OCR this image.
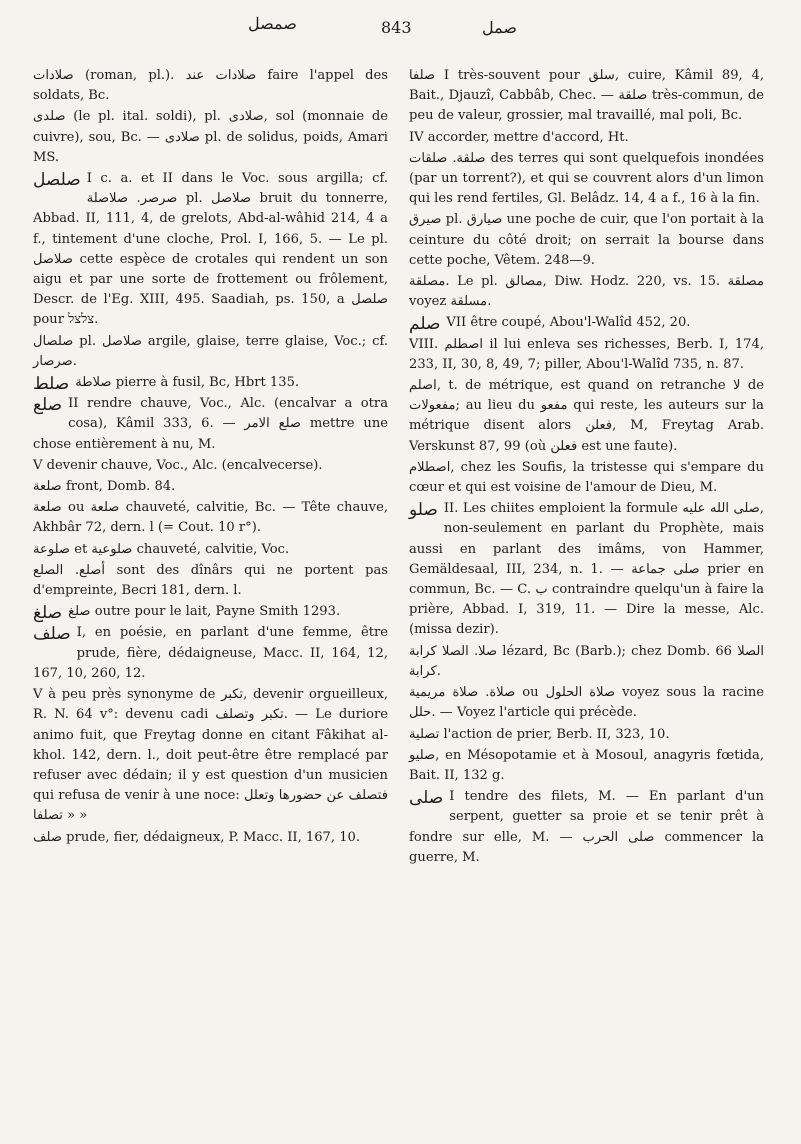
صمصل	843	صمل

صلادات (roman, pl.). صلادات عند faire l'appel des soldats, Bc.

صلدى (le pl. ital. soldi), pl. صلادى, sol (monnaie de cuivre), sou, Bc. — صلادى pl. de solidus, poids, Amari MS.

صلصل I c. a. et II dans le Voc. sous argilla; cf. صرصر. صلاصلة pl. صلاصل bruit du tonnerre, Abbad. II, 111, 4, de grelots, Abd-al-wâhid 214, 4 a f., tintement d'une cloche, Prol. I, 166, 5. — Le pl. صلاصل cette espèce de crotales qui rendent un son aigu et par une sorte de frottement ou frôlement, Descr. de l'Eg. XIII, 495. Saadiah, ps. 150, a صلصل pour צלצל.

صلصال pl. صلاصل argile, glaise, terre glaise, Voc.; cf. صرصار.

صلط صلاطة pierre à fusil, Bc, Hbrt 135.

صلع II rendre chauve, Voc., Alc. (encalvar a otra cosa), Kâmil 333, 6. — صلع الامر mettre une chose entièrement à nu, M.

V devenir chauve, Voc., Alc. (encalvecerse).

صلعة front, Domb. 84.

صلعة ou صلعة chauveté, calvitie, Bc. — Tête chauve, Akhbâr 72, dern. l (= Cout. 10 r°).

صلوعة et صلوعية chauveté, calvitie, Voc.

أصلع. الصلع sont des dînârs qui ne portent pas d'empreinte, Becri 181, dern. l.

صلغ صلغ outre pour le lait, Payne Smith 1293.

صلف I, en poésie, en parlant d'une femme, être prude, fière, dédaigneuse, Macc. II, 164, 12, 167, 10, 260, 12.

V à peu près synonyme de تكبر, devenir orgueilleux, R. N. 64 v°: devenu cadi تكبر وتصلف. — Le duriore animo fuit, que Freytag donne en citant Fâkihat al-khol. 142, dern. l., doit peut-être être remplacé par refuser avec dédain; il y est question d'un musicien qui refusa de venir à une noce: فتصلف عن حضورها وتعلل « تصلفا »

صلف prude, fier, dédaigneux, P. Macc. II, 167, 10.

صلفا I très-souvent pour سلق, cuire, Kâmil 89, 4, Bait., Djauzî, Cabbâb, Chec. — صلقة très-commun, de peu de valeur, grossier, mal travaillé, mal poli, Bc.

IV accorder, mettre d'accord, Ht.

صلقة. صلقات des terres qui sont quelquefois inondées (par un torrent?), et qui se couvrent alors d'un limon qui les rend fertiles, Gl. Belâdz. 14, 4 a f., 16 à la fin.

صيرق pl. صيارق une poche de cuir, que l'on portait à la ceinture du côté droit; on serrait la bourse dans cette poche, Vêtem. 248—9.

مصلقة. Le pl. مصالق, Diw. Hodz. 220, vs. 15. مصلقة voyez مسلقة.

صلم VII être coupé, Abou'l-Walîd 452, 20.

VIII. اصطلم il lui enleva ses richesses, Berb. I, 174, 233, II, 30, 8, 49, 7; piller, Abou'l-Walîd 735, n. 87.

اصلم, t. de métrique, est quand on retranche لا de مفعولات; au lieu du مفعو qui reste, les auteurs sur la métrique disent alors فعلن, M, Freytag Arab. Verskunst 87, 99 (où فعلن est une faute).

اصطلام, chez les Soufis, la tristesse qui s'empare du cœur et qui est voisine de l'amour de Dieu, M.

صلو II. Les chiites emploient la formule صلى الله عليه, non-seulement en parlant du Prophète, mais aussi en parlant des imâms, von Hammer, Gemäldesaal, III, 234, n. 1. — صلى جماعة prier en commun, Bc. — C. ب contraindre quelqu'un à faire la prière, Abbad. I, 319, 11. — Dire la messe, Alc. (missa dezir).

صلا. الصلا كرابة lézard, Bc (Barb.); chez Domb. 66 الصلا كرابة.

صلاة. صلاة مريمية ou صلاة الحلول voyez sous la racine حلل. — Voyez l'article qui précède.

تصلية l'action de prier, Berb. II, 323, 10.

صليو, en Mésopotamie et à Mosoul, anagyris fœtida, Bait. II, 132 g.

صلى I tendre des filets, M. — En parlant d'un serpent, guetter sa proie et se tenir prêt à fondre sur elle, M. — صلى الحرب commencer la guerre, M.
